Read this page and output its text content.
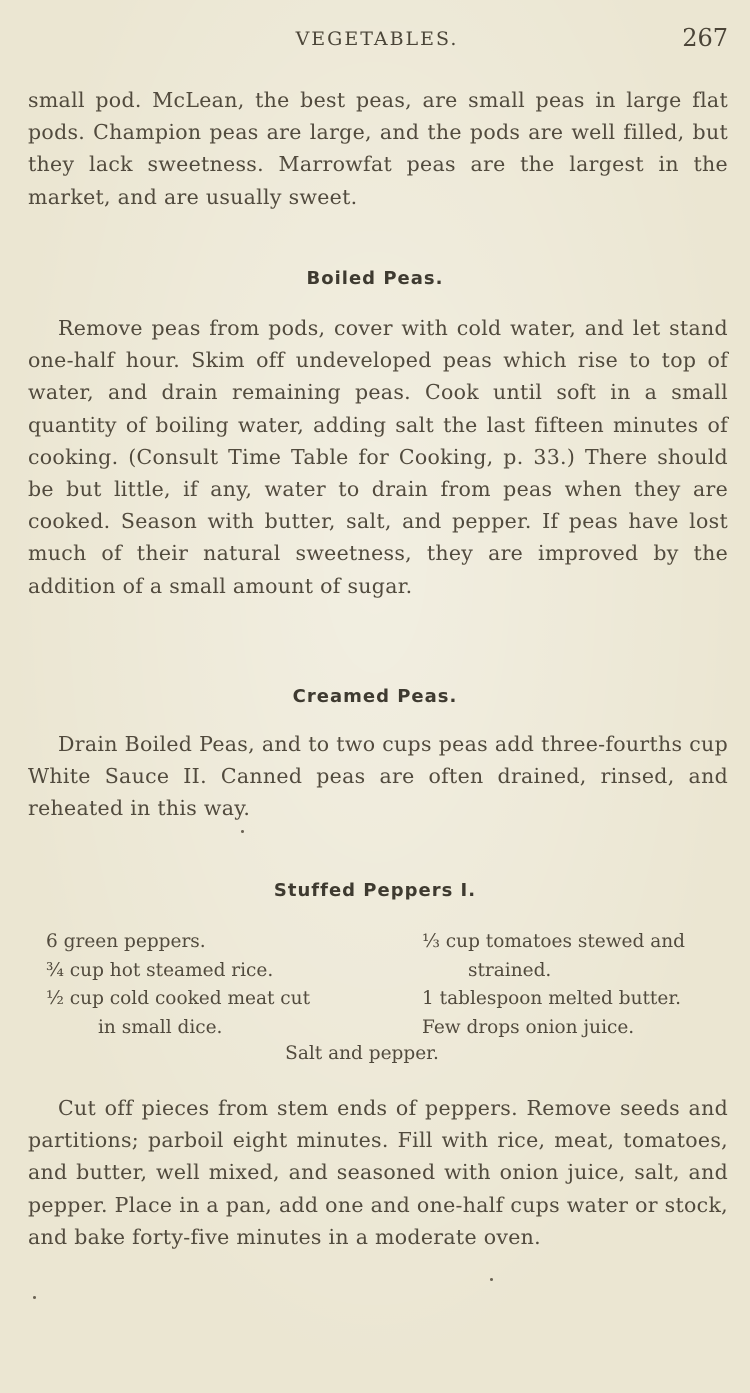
VEGETABLES.	267

small pod. McLean, the best peas, are small peas in large flat pods. Champion peas are large, and the pods are well filled, but they lack sweetness. Marrowfat peas are the largest in the market, and are usually sweet.

Boiled Peas.

Remove peas from pods, cover with cold water, and let stand one-half hour. Skim off undeveloped peas which rise to top of water, and drain remaining peas. Cook until soft in a small quantity of boiling water, adding salt the last fifteen minutes of cooking. (Consult Time Table for Cooking, p. 33.) There should be but little, if any, water to drain from peas when they are cooked. Season with butter, salt, and pepper. If peas have lost much of their natural sweetness, they are improved by the addition of a small amount of sugar.

Creamed Peas.

Drain Boiled Peas, and to two cups peas add three-fourths cup White Sauce II. Canned peas are often drained, rinsed, and reheated in this way.

Stuffed Peppers I.
6 green peppers.
¾ cup hot steamed rice.
½ cup cold cooked meat cut
in small dice.
⅓ cup tomatoes stewed and
strained.
1 tablespoon melted butter.
Few drops onion juice.
Salt and pepper.

Cut off pieces from stem ends of peppers. Remove seeds and partitions; parboil eight minutes. Fill with rice, meat, tomatoes, and butter, well mixed, and seasoned with onion juice, salt, and pepper. Place in a pan, add one and one-half cups water or stock, and bake forty-five minutes in a moderate oven.
